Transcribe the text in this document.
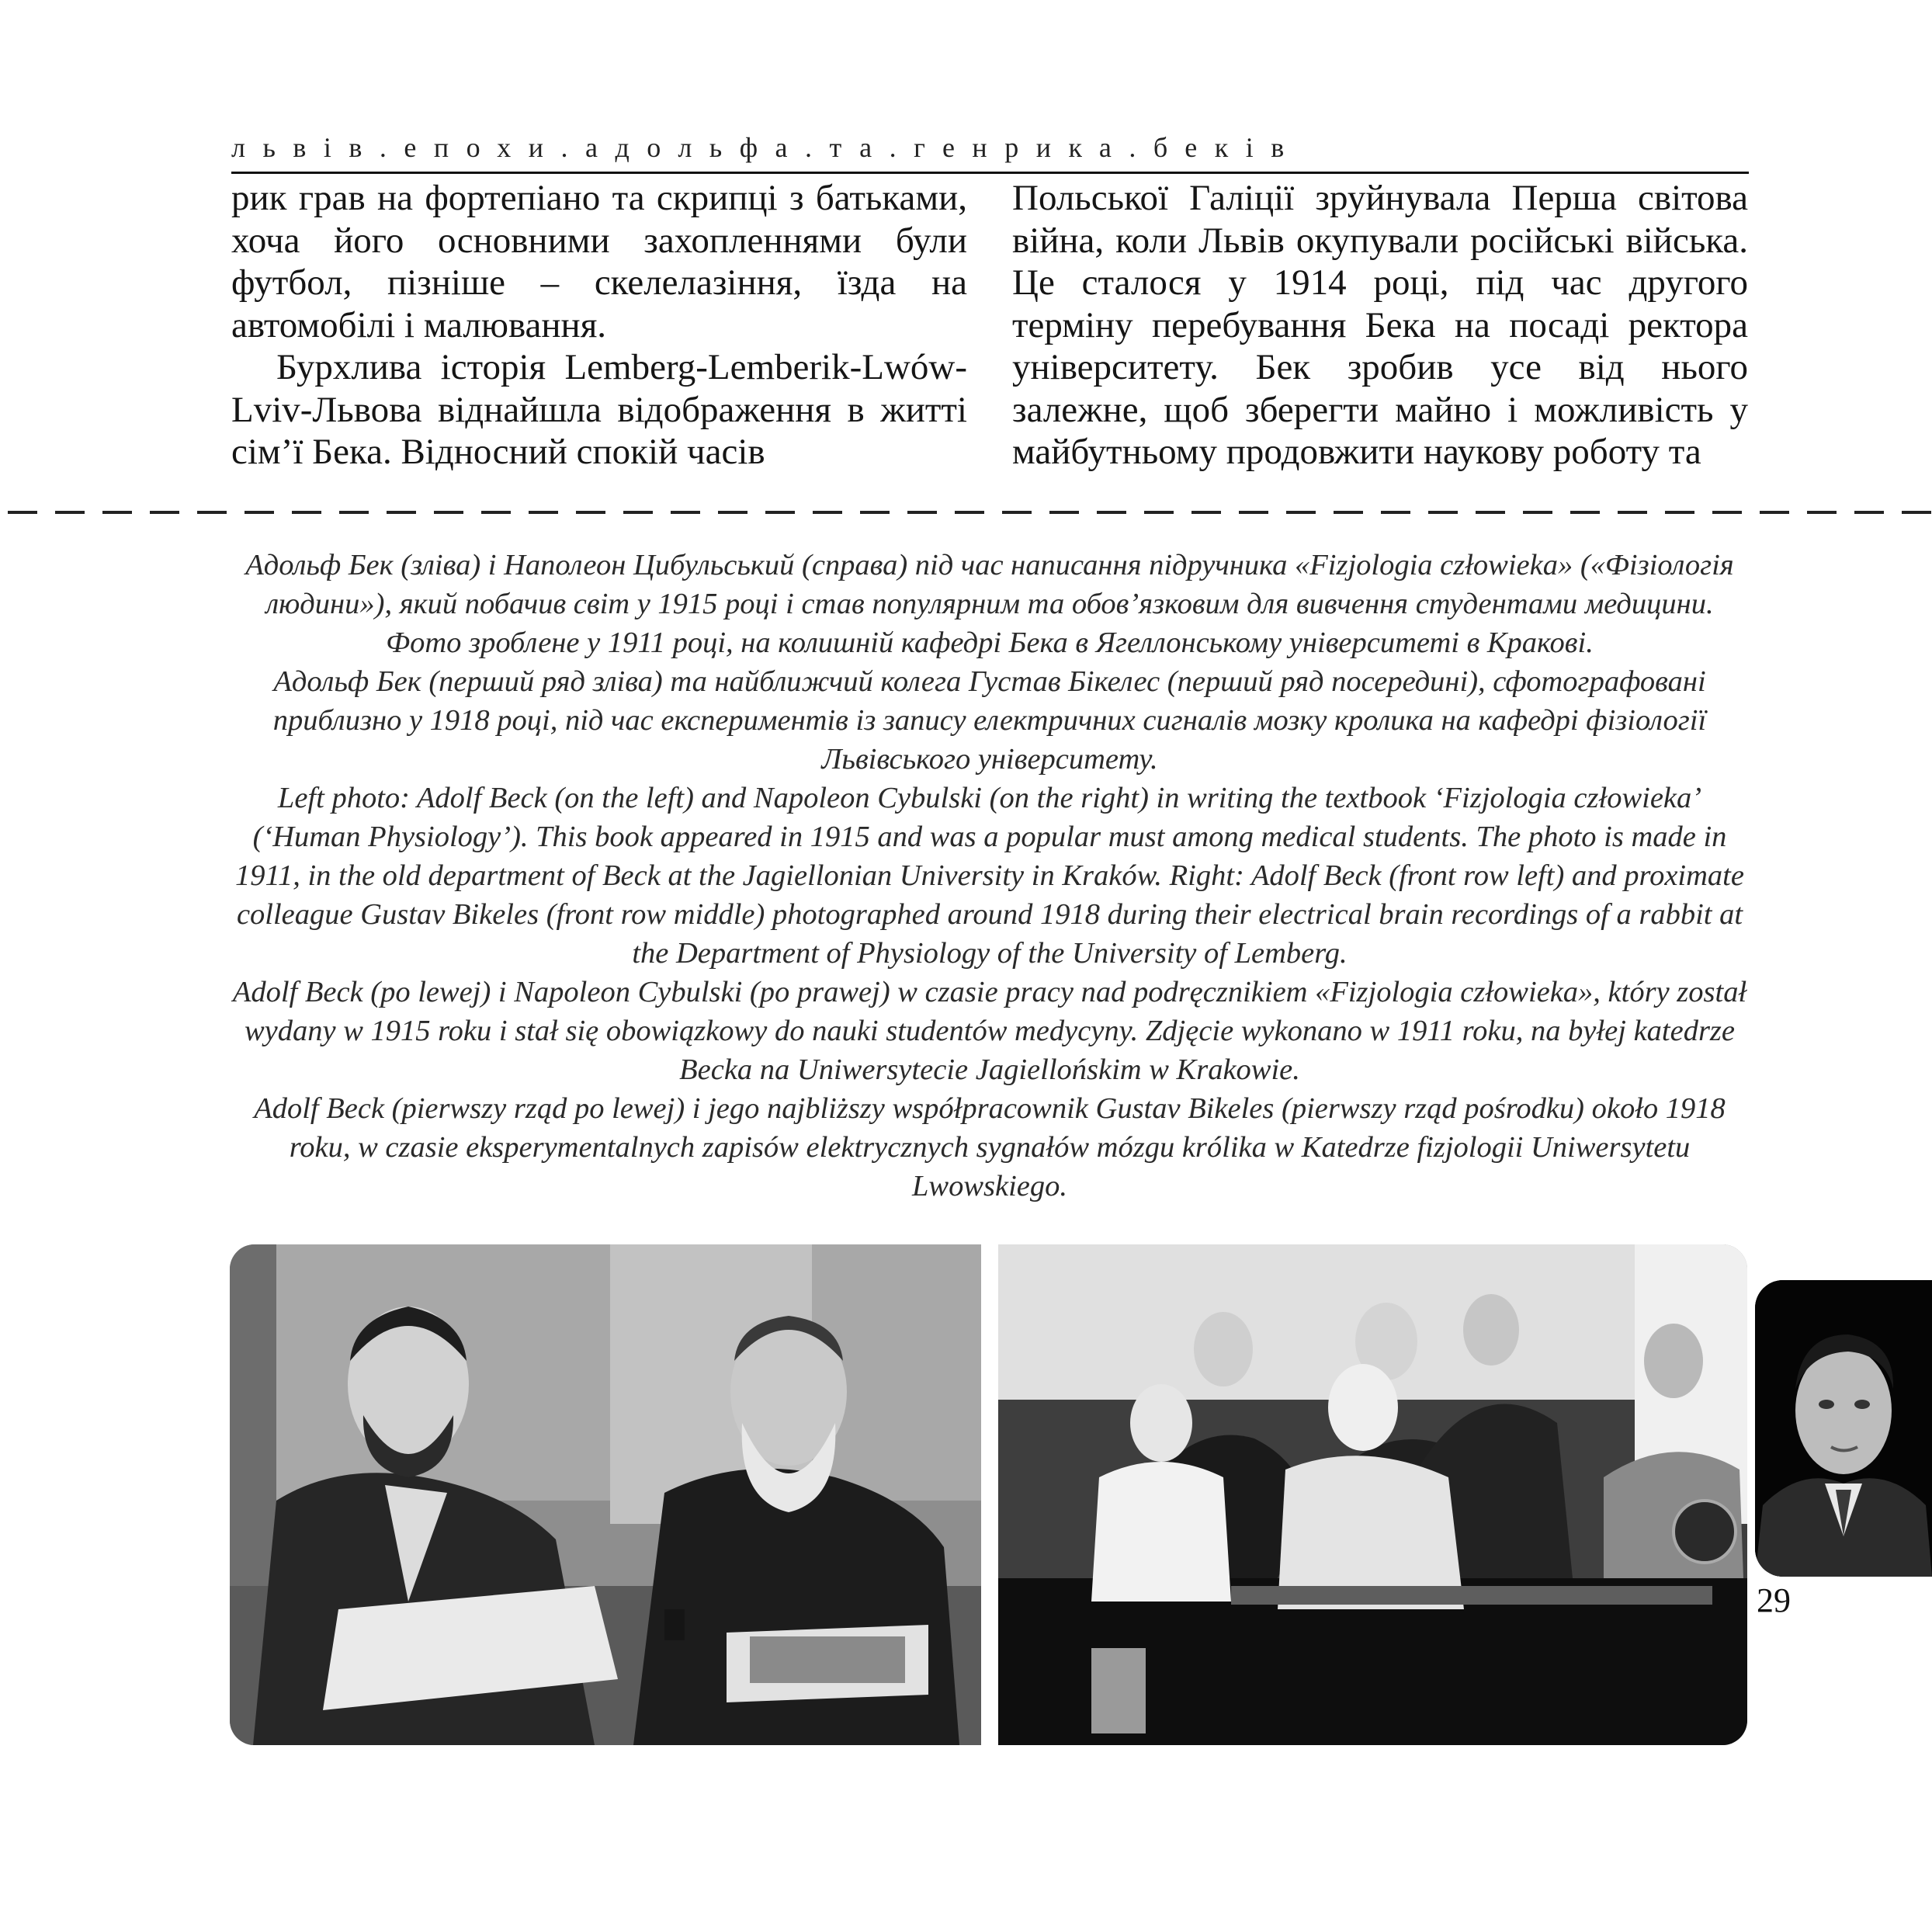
львів.епохи.адольфа.та.генрика.беків

рик грав на фортепіано та скрипці з батьками, хоча його основними захопленнями були футбол, пізніше – скелелазіння, їзда на автомобілі і малювання.

Бурхлива історія Lemberg-Lemberik-Lwów-Lviv-Львова віднайшла відображення в житті сім’ї Бека. Відносний спокій часів

Польської Галіції зруйнувала Перша світова війна, коли Львів окупували російські війська. Це сталося у 1914 році, під час другого терміну перебування Бека на посаді ректора університету. Бек зробив усе від нього залежне, щоб зберегти майно і можливість у майбутньому продовжити наукову роботу та

Адольф Бек (зліва) і Наполеон Цибульський (справа) під час написання підручника «Fizjologia człowieka» («Фізіологія людини»), який побачив світ у 1915 році і став популярним та обов’язковим для вивчення студентами медицини. Фото зроблене у 1911 році, на колишній кафедрі Бека в Ягеллонському університеті в Кракові.

Адольф Бек (перший ряд зліва) та найближчий колега Густав Бікелес (перший ряд посередині), сфотографовані приблизно у 1918 році, під час експериментів із запису електричних сигналів мозку кролика на кафедрі фізіології Львівського університету.

Left photo: Adolf Beck (on the left) and Napoleon Cybulski (on the right) in writing the textbook ‘Fizjologia człowieka’ (‘Human Physiology’). This book appeared in 1915 and was a popular must among medical students. The photo is made in 1911, in the old department of Beck at the Jagiellonian University in Kraków. Right: Adolf Beck (front row left) and proximate colleague Gustav Bikeles (front row middle) photographed around 1918 during their electrical brain recordings of a rabbit at the Department of Physiology of the University of Lemberg.

Adolf Beck (po lewej) i Napoleon Cybulski (po prawej) w czasie pracy nad podręcznikiem «Fizjologia człowieka», który został wydany w 1915 roku i stał się obowiązkowy do nauki studentów medycyny. Zdjęcie wykonano w 1911 roku, na byłej katedrze Becka na Uniwersytecie Jagiellońskim w Krakowie.

Adolf Beck (pierwszy rząd po lewej) i jego najbliższy współpracownik Gustav Bikeles (pierwszy rząd pośrodku) około 1918 roku, w czasie eksperymentalnych zapisów elektrycznych sygnałów mózgu królika w Katedrze fizjologii Uniwersytetu Lwowskiego.

29
